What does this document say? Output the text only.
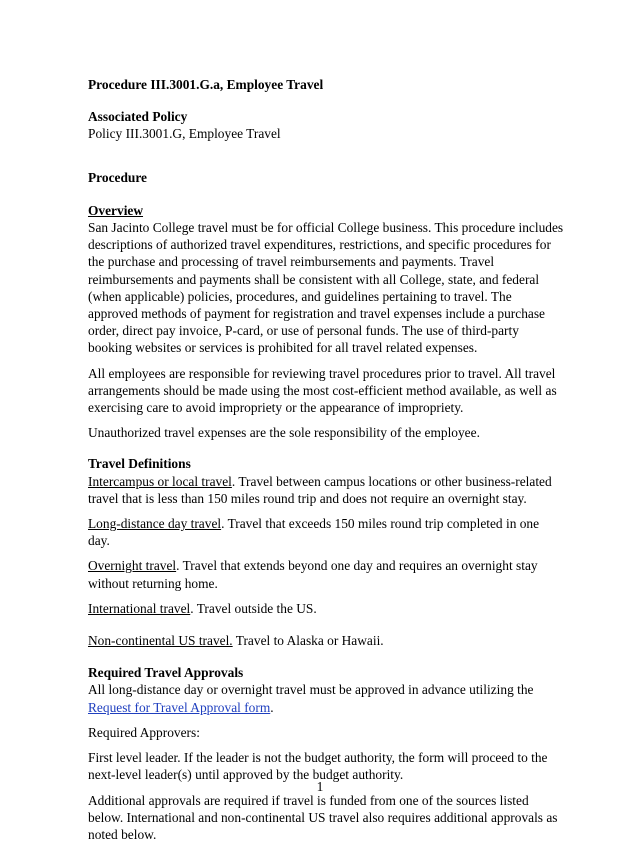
Procedure III.3001.G.a, Employee Travel

Associated Policy

Policy III.3001.G, Employee Travel

Procedure

Overview

San Jacinto College travel must be for official College business. This procedure includes descriptions of authorized travel expenditures, restrictions, and specific procedures for the purchase and processing of travel reimbursements and payments. Travel reimbursements and payments shall be consistent with all College, state, and federal (when applicable) policies, procedures, and guidelines pertaining to travel. The approved methods of payment for registration and travel expenses include a purchase order, direct pay invoice, P-card, or use of personal funds. The use of third-party booking websites or services is prohibited for all travel related expenses.

All employees are responsible for reviewing travel procedures prior to travel. All travel arrangements should be made using the most cost-efficient method available, as well as exercising care to avoid impropriety or the appearance of impropriety.

Unauthorized travel expenses are the sole responsibility of the employee.

Travel Definitions

Intercampus or local travel. Travel between campus locations or other business-related travel that is less than 150 miles round trip and does not require an overnight stay.

Long-distance day travel. Travel that exceeds 150 miles round trip completed in one day.

Overnight travel. Travel that extends beyond one day and requires an overnight stay without returning home.

International travel. Travel outside the US.

Non-continental US travel. Travel to Alaska or Hawaii.

Required Travel Approvals

All long-distance day or overnight travel must be approved in advance utilizing the Request for Travel Approval form.

Required Approvers:

First level leader. If the leader is not the budget authority, the form will proceed to the next-level leader(s) until approved by the budget authority.

Additional approvals are required if travel is funded from one of the sources listed below. International and non-continental US travel also requires additional approvals as noted below.

1
